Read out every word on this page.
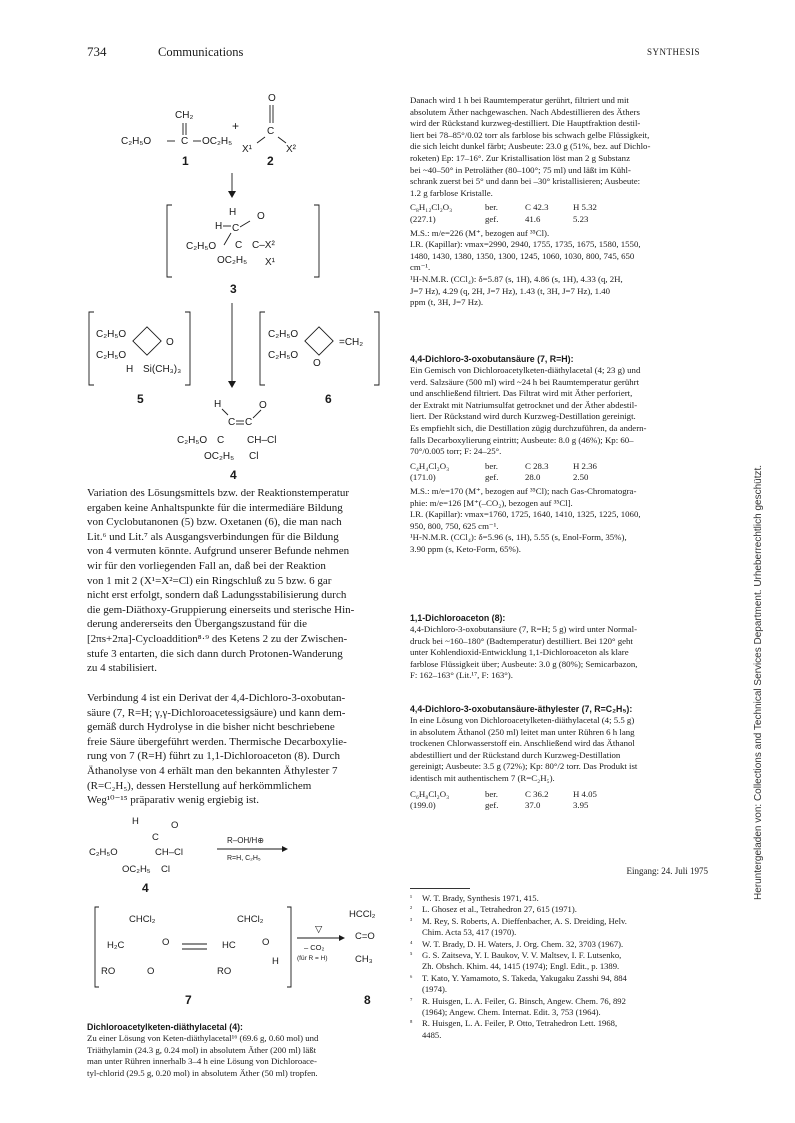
734	Communications	SYNTHESIS
Heruntergeladen von: Collections and Technical Services Department. Urheberrechtlich geschützt.
CH₂
C
C₂H₅O	OC₂H₅
1
+
O
C
X¹	X²
2
H
H C
O
C₂H₅O C C–X²
OC₂H₅ X¹
3
C₂H₅O
C₂H₅O
O
H Si(CH₃)₃
5
C₂H₅O
C₂H₅O
O
=CH₂
6
H
C C
O
C₂H₅O C CH–Cl
OC₂H₅ Cl
4

Variation des Lösungsmittels bzw. der Reaktionstemperatur
ergaben keine Anhaltspunkte für die intermediäre Bildung
von Cyclobutanonen (5) bzw. Oxetanen (6), die man nach
Lit.⁶ und Lit.⁷ als Ausgangsverbindungen für die Bildung
von 4 vermuten könnte. Aufgrund unserer Befunde nehmen
wir für den vorliegenden Fall an, daß bei der Reaktion
von 1 mit 2 (X¹=X²=Cl) ein Ringschluß zu 5 bzw. 6 gar
nicht erst erfolgt, sondern daß Ladungsstabilisierung durch
die gem-Diäthoxy-Gruppierung einerseits und sterische Hin-
derung andererseits den Übergangszustand für die
[2πs+2πa]-Cycloaddition⁸·⁹ des Ketens 2 zu der Zwischen-
stufe 3 entarten, die sich dann durch Protonen-Wanderung
zu 4 stabilisiert.

Verbindung 4 ist ein Derivat der 4,4-Dichloro-3-oxobutan-
säure (7, R=H; γ,γ-Dichloroacetessigsäure) und kann dem-
gemäß durch Hydrolyse in die bisher nicht beschriebene
freie Säure übergeführt werden. Thermische Decarboxylie-
rung von 7 (R=H) führt zu 1,1-Dichloroaceton (8). Durch
Äthanolyse von 4 erhält man den bekannten Äthylester 7
(R=C₂H₅), dessen Herstellung auf herkömmlichem
Weg¹⁰⁻¹⁵ präparativ wenig ergiebig ist.

H
C
O
C₂H₅O	CH–Cl
OC₂H₅ Cl
4
R–OH/H⊕
R=H, C₂H₅
CHCl₂
H₂C	O
RO	O
CHCl₂
HC	O
RO
H
7
▽
– CO₂
(für R = H)
HCCl₂
C=O
CH₃
8

Dichloroacetylketen-diäthylacetal (4):

Zu einer Lösung von Keten-diäthylacetal¹⁶ (69.6 g, 0.60 mol) und
Triäthylamin (24.3 g, 0.24 mol) in absolutem Äther (200 ml) läßt
man unter Rühren innerhalb 3–4 h eine Lösung von Dichloroace-
tyl-chlorid (29.5 g, 0.20 mol) in absolutem Äther (50 ml) tropfen.

Danach wird 1 h bei Raumtemperatur gerührt, filtriert und mit
absolutem Äther nachgewaschen. Nach Abdestillieren des Äthers
wird der Rückstand kurzweg-destilliert. Die Hauptfraktion destil-
liert bei 78–85°/0.02 torr als farblose bis schwach gelbe Flüssigkeit,
die sich leicht dunkel färbt; Ausbeute: 23.0 g (51%, bez. auf Dichlo-
roketen) Ep: 17–16°. Zur Kristallisation löst man 2 g Substanz
bei ~40–50° in Petroläther (80–100°; 75 ml) und läßt im Kühl-
schrank zuerst bei 5° und dann bei –30° kristallisieren; Ausbeute:
1.2 g farblose Kristalle.

C₈H₁₂Cl₂O₃	ber.	C 42.3	H 5.32
(227.1)	gef.	41.6	5.23

M.S.: m/e=226 (M⁺, bezogen auf ³⁵Cl).
I.R. (Kapillar): νmax=2990, 2940, 1755, 1735, 1675, 1580, 1550,
1480, 1430, 1380, 1350, 1300, 1245, 1060, 1030, 800, 745, 650
cm⁻¹.
¹H-N.M.R. (CCl₄): δ=5.87 (s, 1H), 4.86 (s, 1H), 4.33 (q, 2H,
J=7 Hz), 4.29 (q, 2H, J=7 Hz), 1.43 (t, 3H, J=7 Hz), 1.40
ppm (t, 3H, J=7 Hz).

4,4-Dichloro-3-oxobutansäure (7, R=H):

Ein Gemisch von Dichloroacetylketen-diäthylacetal (4; 23 g) und
verd. Salzsäure (500 ml) wird ~24 h bei Raumtemperatur gerührt
und anschließend filtriert. Das Filtrat wird mit Äther perforiert,
der Extrakt mit Natriumsulfat getrocknet und der Äther abdestil-
liert. Der Rückstand wird durch Kurzweg-Destillation gereinigt.
Es empfiehlt sich, die Destillation zügig durchzuführen, da andern-
falls Decarboxylierung eintritt; Ausbeute: 8.0 g (46%); Kp: 60–
70°/0.005 torr; F: 24–25°.

C₄H₄Cl₂O₃	ber.	C 28.3	H 2.36
(171.0)	gef.	28.0	2.50

M.S.: m/e=170 (M⁺, bezogen auf ³⁵Cl); nach Gas-Chromatogra-
phie: m/e=126 [M⁺(–CO₂), bezogen auf ³⁵Cl].
I.R. (Kapillar): νmax=1760, 1725, 1640, 1410, 1325, 1225, 1060,
950, 800, 750, 625 cm⁻¹.
¹H-N.M.R. (CCl₄): δ=5.96 (s, 1H), 5.55 (s, Enol-Form, 35%),
3.90 ppm (s, Keto-Form, 65%).

1,1-Dichloroaceton (8):

4,4-Dichloro-3-oxobutansäure (7, R=H; 5 g) wird unter Normal-
druck bei ~160–180° (Badtemperatur) destilliert. Bei 120° geht
unter Kohlendioxid-Entwicklung 1,1-Dichloroaceton als klare
farblose Flüssigkeit über; Ausbeute: 3.0 g (80%); Semicarbazon,
F: 162–163° (Lit.¹⁷, F: 163°).

4,4-Dichloro-3-oxobutansäure-äthylester (7, R=C₂H₅):

In eine Lösung von Dichloroacetylketen-diäthylacetal (4; 5.5 g)
in absolutem Äthanol (250 ml) leitet man unter Rühren 6 h lang
trockenen Chlorwasserstoff ein. Anschließend wird das Äthanol
abdestilliert und der Rückstand durch Kurzweg-Destillation
gereinigt; Ausbeute: 3.5 g (72%); Kp: 80°/2 torr. Das Produkt ist
identisch mit authentischem 7 (R=C₂H₅).

C₆H₈Cl₂O₃	ber.	C 36.2	H 4.05
(199.0)	gef.	37.0	3.95
Eingang: 24. Juli 1975
¹	W. T. Brady, Synthesis 1971, 415.
²	L. Ghosez et al., Tetrahedron 27, 615 (1971).
³	M. Rey, S. Roberts, A. Dieffenbacher, A. S. Dreiding, Helv.
Chim. Acta 53, 417 (1970).
⁴	W. T. Brady, D. H. Waters, J. Org. Chem. 32, 3703 (1967).
⁵	G. S. Zaitseva, Y. I. Baukov, V. V. Maltsev, I. F. Lutsenko,
Zh. Obshch. Khim. 44, 1415 (1974); Engl. Edit., p. 1389.
⁶	T. Kato, Y. Yamamoto, S. Takeda, Yakugaku Zasshi 94, 884
(1974).
⁷	R. Huisgen, L. A. Feiler, G. Binsch, Angew. Chem. 76, 892
(1964); Angew. Chem. Internat. Edit. 3, 753 (1964).
⁸	R. Huisgen, L. A. Feiler, P. Otto, Tetrahedron Lett. 1968,
4485.
